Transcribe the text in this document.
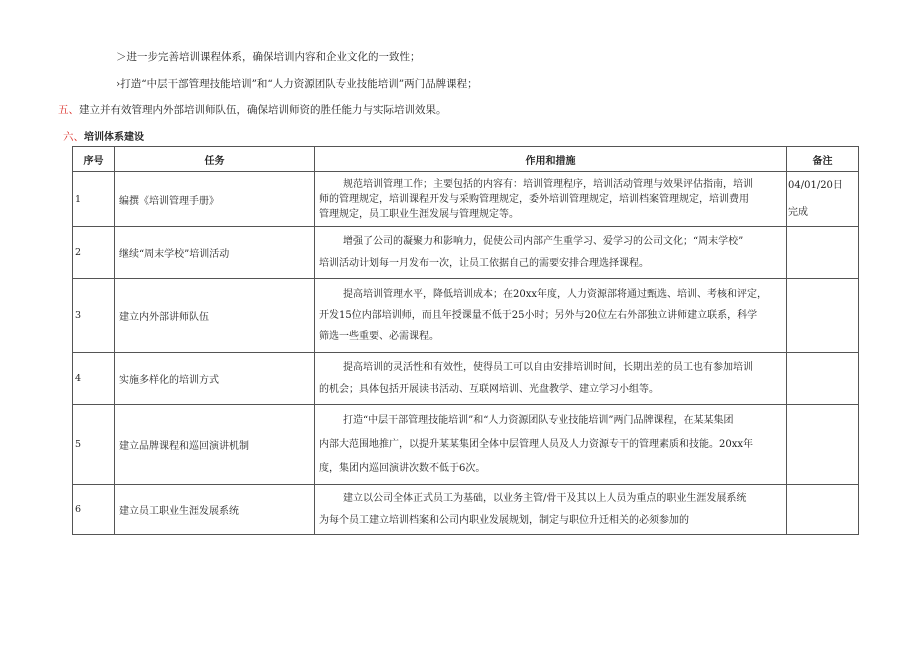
＞进一步完善培训课程体系，确保培训内容和企业文化的一致性；
›打造“中层干部管理技能培训”和“人力资源团队专业技能培训”两门品牌课程；
五、建立并有效管理内外部培训师队伍，确保培训师资的胜任能力与实际培训效果。
六、培训体系建设
序号	任务	作用和措施	备注
1	编撰《培训管理手册》	规范培训管理工作；主要包括的内容有：培训管理程序，培训活动管理与效果评估指南，培训
师的管理规定，培训课程开发与采购管理规定，委外培训管理规定，培训档案管理规定，培训费用
管理规定，员工职业生涯发展与管理规定等。	04/01/20日
完成
2	继续“周末学校”培训活动	增强了公司的凝聚力和影响力，促使公司内部产生重学习、爱学习的公司文化；“周末学校”
培训活动计划每一月发布一次，让员工依据自己的需要安排合理选择课程。	
3	建立内外部讲师队伍	提高培训管理水平，降低培训成本；在20xx年度，人力资源部将通过甄选、培训、考核和评定，
开发15位内部培训师，而且年授课量不低于25小时；另外与20位左右外部独立讲师建立联系，科学
筛选一些重要、必需课程。	
4	实施多样化的培训方式	提高培训的灵活性和有效性，使得员工可以自由安排培训时间，长期出差的员工也有参加培训
的机会；具体包括开展读书活动、互联网培训、光盘教学、建立学习小组等。	
5	建立品牌课程和巡回演讲机制	打造“中层干部管理技能培训”和“人力资源团队专业技能培训”两门品牌课程，在某某集团
内部大范围地推广，以提升某某集团全体中层管理人员及人力资源专干的管理素质和技能。20xx年
度，集团内巡回演讲次数不低于6次。	
6	建立员工职业生涯发展系统	建立以公司全体正式员工为基础，以业务主管/骨干及其以上人员为重点的职业生涯发展系统
为每个员工建立培训档案和公司内职业发展规划，制定与职位升迁相关的必须参加的	
